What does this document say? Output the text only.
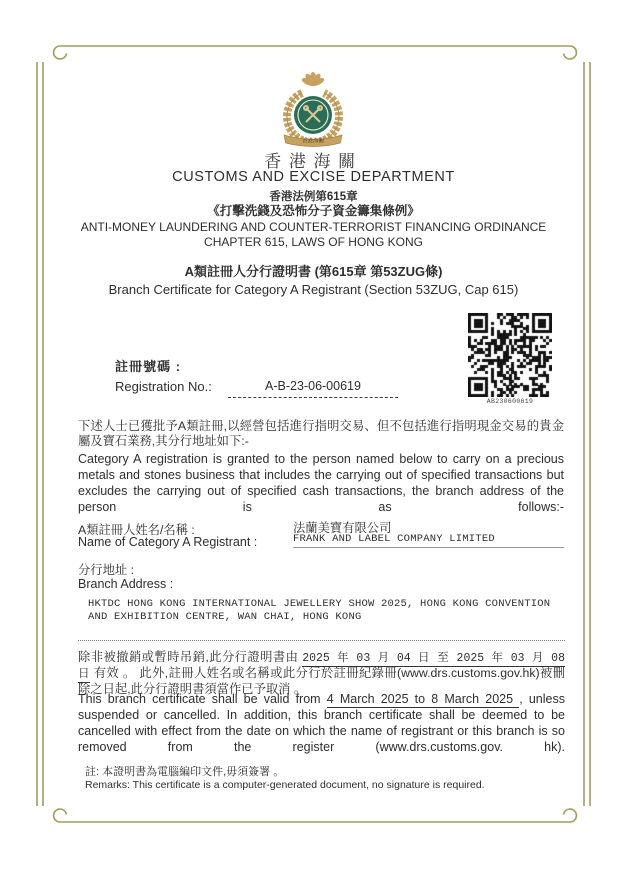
香港海關
香港海關
CUSTOMS AND EXCISE DEPARTMENT
香港法例第615章
《打擊洗錢及恐怖分子資金籌集條例》
ANTI-MONEY LAUNDERING AND COUNTER-TERRORIST FINANCING ORDINANCE
CHAPTER 615, LAWS OF HONG KONG
A類註冊人分行證明書 (第615章 第53ZUG條)
Branch Certificate for Category A Registrant (Section 53ZUG, Cap 615)
註冊號碼 :
Registration No.:	A-B-23-06-00619
AB230600619
下述人士已獲批予A類註冊,以經營包括進行指明交易、但不包括進行指明現金交易的貴金屬及寶石業務,其分行地址如下:-
Category A registration is granted to the person named below to carry on a precious metals and stones business that includes the carrying out of specified transactions but excludes the carrying out of specified cash transactions, the branch address of the person is as follows:-
A類註冊人姓名/名稱 :
Name of Category A Registrant :
法蘭美寶有限公司
FRANK AND LABEL COMPANY LIMITED
分行地址 :
Branch Address :
HKTDC HONG KONG INTERNATIONAL JEWELLERY SHOW 2025, HONG KONG CONVENTION AND EXHIBITION CENTRE, WAN CHAI, HONG KONG
除非被撤銷或暫時吊銷,此分行證明書由 2025 年 03 月 04 日 至 2025 年 03 月 08 日 有效 。 此外,註冊人姓名或名稱或此分行於註冊紀錄冊(www.drs.customs.gov.hk)被刪除之日起,此分行證明書須當作已予取消 。
This branch certificate shall be valid from 4 March 2025 to 8 March 2025 , unless suspended or cancelled. In addition, this branch certificate shall be deemed to be cancelled with effect from the date on which the name of registrant or this branch is so removed from the register (www.drs.customs.gov. hk).
註: 本證明書為電腦編印文件,毋須簽署 。
Remarks: This certificate is a computer-generated document, no signature is required.
